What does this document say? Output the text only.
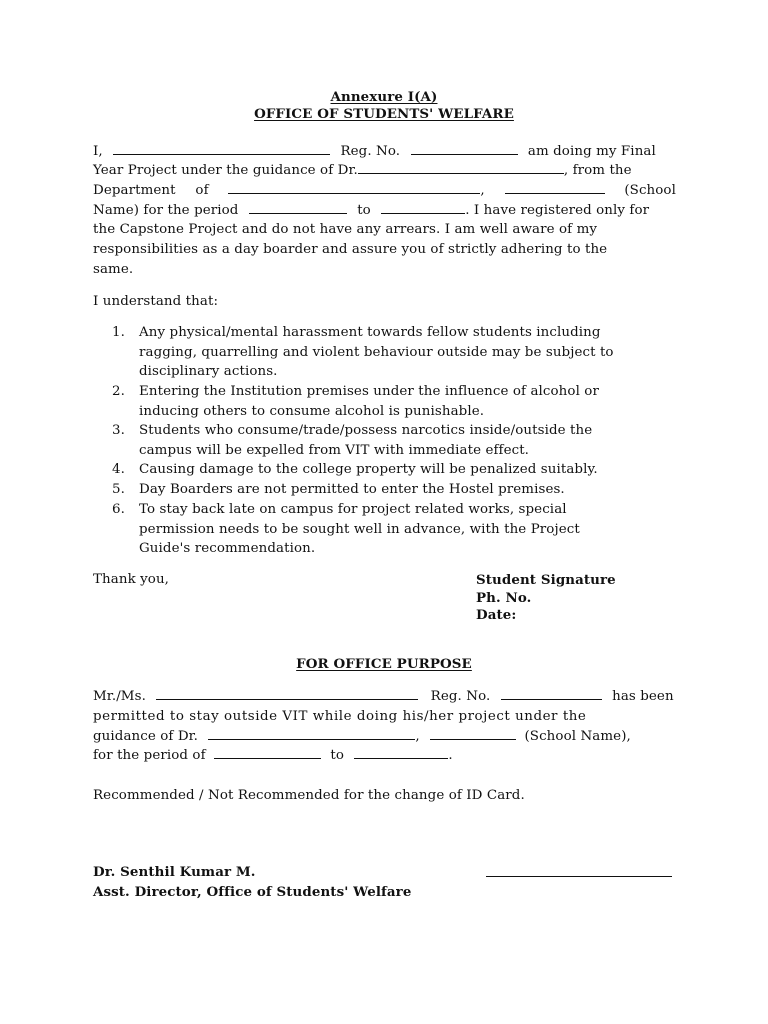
Annexure I(A)
OFFICE OF STUDENTS' WELFARE
I,	Reg. No.	am doing my Final
Year Project under the guidance of Dr.	, from the
Department of	,	(School
Name) for the period	to	. I have registered only for
the Capstone Project and do not have any arrears. I am well aware of my
responsibilities as a day boarder and assure you of strictly adhering to the
same.
I understand that:
1.	Any physical/mental harassment towards fellow students including
ragging, quarrelling and violent behaviour outside may be subject to
disciplinary actions.
2.	Entering the Institution premises under the influence of alcohol or
inducing others to consume alcohol is punishable.
3.	Students who consume/trade/possess narcotics inside/outside the
campus will be expelled from VIT with immediate effect.
4.	Causing damage to the college property will be penalized suitably.
5.	Day Boarders are not permitted to enter the Hostel premises.
6.	To stay back late on campus for project related works, special
permission needs to be sought well in advance, with the Project
Guide's recommendation.
Thank you,	Student Signature
Ph. No.
Date:
FOR OFFICE PURPOSE
Mr./Ms.	Reg. No.	has been
permitted to stay outside VIT while doing his/her project under the
guidance of Dr.	,	(School Name),
for the period of	to	.
Recommended / Not Recommended for the change of ID Card.
Dr. Senthil Kumar M.
Asst. Director, Office of Students' Welfare
